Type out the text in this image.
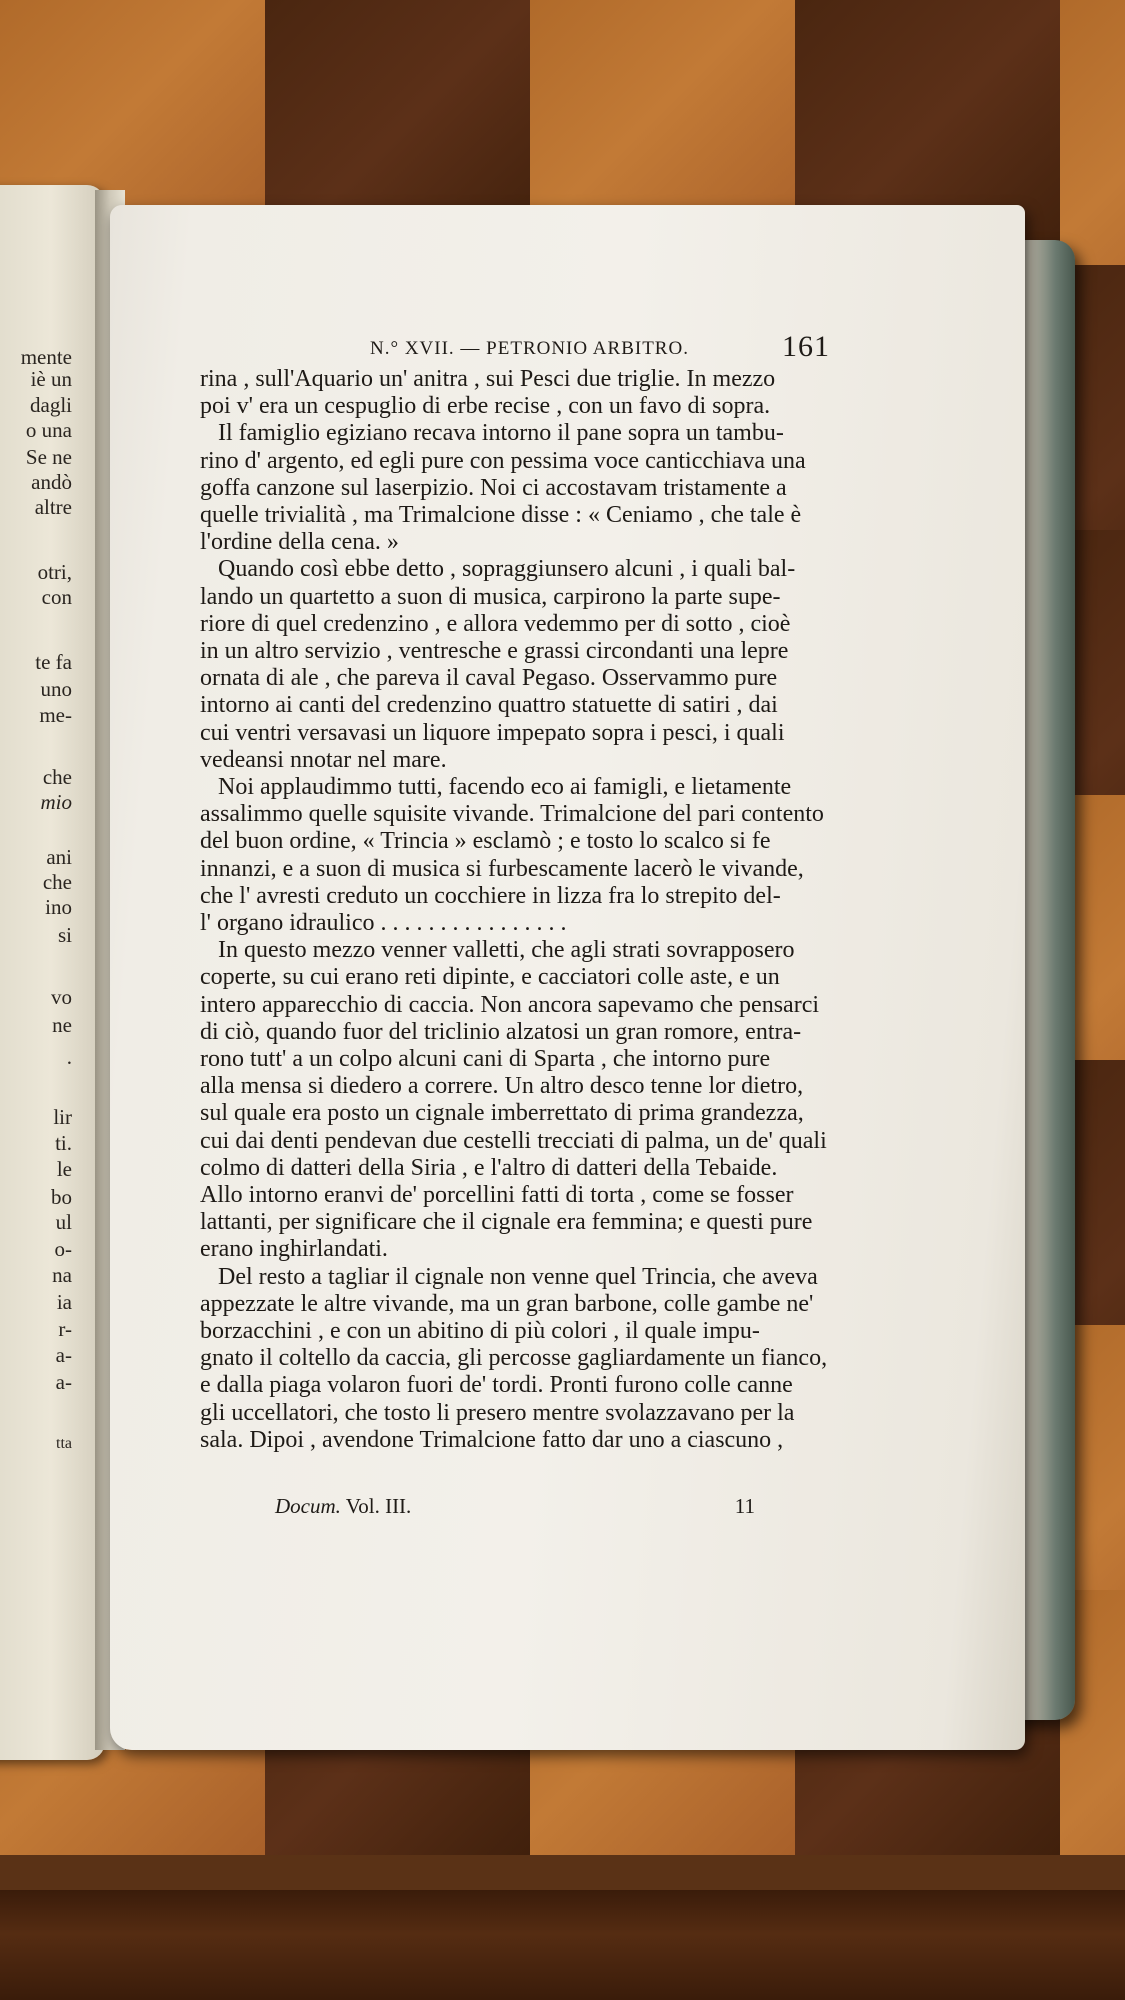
mente
iè un
dagli
o una
Se ne
andò
altre
otri,
con
te fa
uno
me-
che
mio
ani
che
ino
si
vo
ne
.
lir
ti.
le
bo
ul
o-
na
ia
r-
a-
a-
tta
N.° XVII. — PETRONIO ARBITRO.	161
rina , sull'Aquario un' anitra , sui Pesci due triglie. In mezzo
poi v' era un cespuglio di erbe recise , con un favo di sopra.
Il famiglio egiziano recava intorno il pane sopra un tambu-
rino d' argento, ed egli pure con pessima voce canticchiava una
goffa canzone sul laserpizio. Noi ci accostavam tristamente a
quelle trivialità , ma Trimalcione disse : « Ceniamo , che tale è
l'ordine della cena. »
Quando così ebbe detto , sopraggiunsero alcuni , i quali bal-
lando un quartetto a suon di musica, carpirono la parte supe-
riore di quel credenzino , e allora vedemmo per di sotto , cioè
in un altro servizio , ventresche e grassi circondanti una lepre
ornata di ale , che pareva il caval Pegaso. Osservammo pure
intorno ai canti del credenzino quattro statuette di satiri , dai
cui ventri versavasi un liquore impepato sopra i pesci, i quali
vedeansi nnotar nel mare.
Noi applaudimmo tutti, facendo eco ai famigli, e lietamente
assalimmo quelle squisite vivande. Trimalcione del pari contento
del buon ordine, « Trincia » esclamò ; e tosto lo scalco si fe
innanzi, e a suon di musica si furbescamente lacerò le vivande,
che l' avresti creduto un cocchiere in lizza fra lo strepito del-
l' organo idraulico . . . . . . . . . . . . . . . .
In questo mezzo venner valletti, che agli strati sovrapposero
coperte, su cui erano reti dipinte, e cacciatori colle aste, e un
intero apparecchio di caccia. Non ancora sapevamo che pensarci
di ciò, quando fuor del triclinio alzatosi un gran romore, entra-
rono tutt' a un colpo alcuni cani di Sparta , che intorno pure
alla mensa si diedero a correre. Un altro desco tenne lor dietro,
sul quale era posto un cignale imberrettato di prima grandezza,
cui dai denti pendevan due cestelli trecciati di palma, un de' quali
colmo di datteri della Siria , e l'altro di datteri della Tebaide.
Allo intorno eranvi de' porcellini fatti di torta , come se fosser
lattanti, per significare che il cignale era femmina; e questi pure
erano inghirlandati.
Del resto a tagliar il cignale non venne quel Trincia, che aveva
appezzate le altre vivande, ma un gran barbone, colle gambe ne'
borzacchini , e con un abitino di più colori , il quale impu-
gnato il coltello da caccia, gli percosse gagliardamente un fianco,
e dalla piaga volaron fuori de' tordi. Pronti furono colle canne
gli uccellatori, che tosto li presero mentre svolazzavano per la
sala. Dipoi , avendone Trimalcione fatto dar uno a ciascuno ,
Docum. Vol. III.	11
